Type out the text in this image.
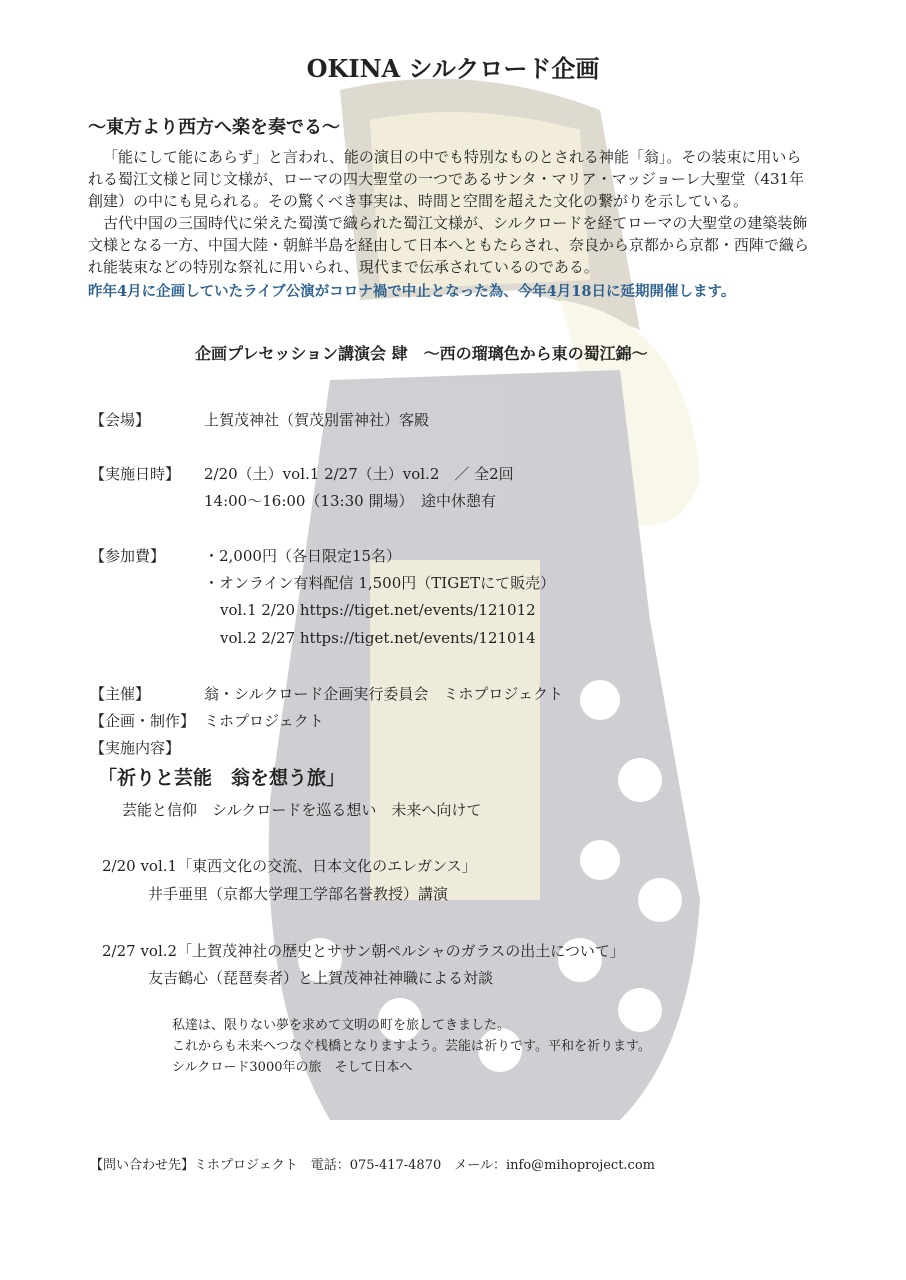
OKINA シルクロード企画
〜東方より西方へ楽を奏でる〜
「能にして能にあらず」と言われ、能の演目の中でも特別なものとされる神能「翁」。その装束に用いら
れる蜀江文様と同じ文様が、ローマの四大聖堂の一つであるサンタ・マリア・マッジョーレ大聖堂（431年
創建）の中にも見られる。その驚くべき事実は、時間と空間を超えた文化の繋がりを示している。
古代中国の三国時代に栄えた蜀漢で織られた蜀江文様が、シルクロードを経てローマの大聖堂の建築装飾
文様となる一方、中国大陸・朝鮮半島を経由して日本へともたらされ、奈良から京都から京都・西陣で織ら
れ能装束などの特別な祭礼に用いられ、現代まで伝承されているのである。
昨年4月に企画していたライブ公演がコロナ禍で中止となった為、今年4月18日に延期開催します。
企画プレセッション講演会 肆　〜西の瑠璃色から東の蜀江錦〜
【会場】	上賀茂神社（賀茂別雷神社）客殿
【実施日時】 2/20（土）vol.1 2/27（土）vol.2　／ 全2回
14:00〜16:00（13:30 開場）　途中休憩有
【参加費】	・2,000円（各日限定15名）
・オンライン有料配信 1,500円（TIGETにて販売）
vol.1 2/20 https://tiget.net/events/121012
vol.2 2/27 https://tiget.net/events/121014
【主催】	翁・シルクロード企画実行委員会　ミホプロジェクト
【企画・制作】 ミホプロジェクト
【実施内容】
「祈りと芸能　翁を想う旅」
芸能と信仰　シルクロードを巡る想い　未来へ向けて
2/20 vol.1「東西文化の交流、日本文化のエレガンス」
井手亜里（京都大学理工学部名誉教授）講演
2/27 vol.2「上賀茂神社の歴史とササン朝ペルシャのガラスの出土について」
友吉鶴心（琵琶奏者）と上賀茂神社神職による対談
私達は、限りない夢を求めて文明の町を旅してきました。
これからも未来へつなぐ桟橋となりますよう。芸能は祈りです。平和を祈ります。
シルクロード3000年の旅　そして日本へ
【問い合わせ先】ミホプロジェクト　電話：075-417-4870　メール：info@mihoproject.com
